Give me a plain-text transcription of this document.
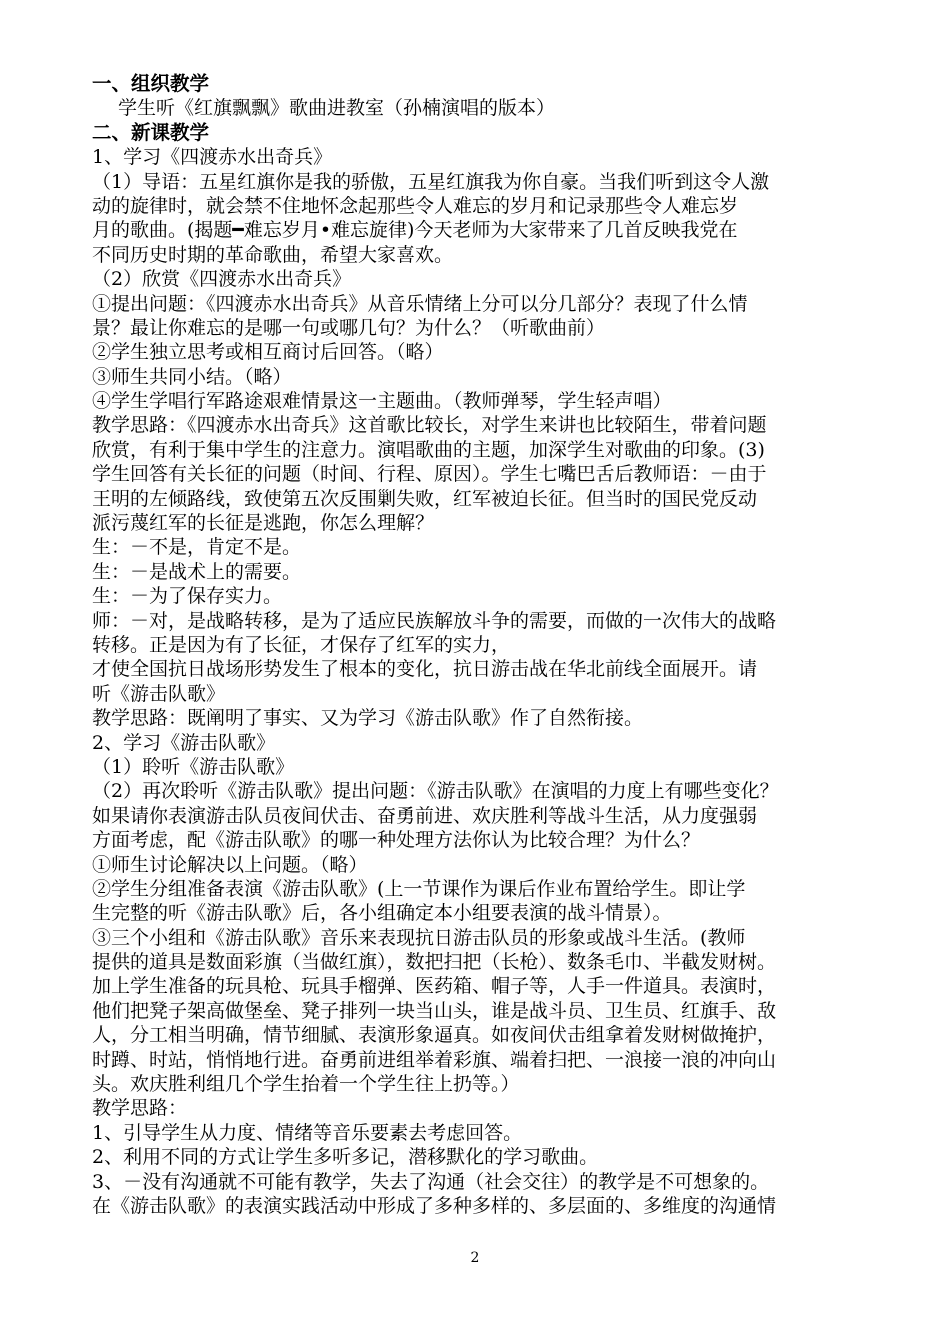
一、组织教学
学生听《红旗飘飘》歌曲进教室（孙楠演唱的版本）
二、新课教学
1、学习《四渡赤水出奇兵》
（1）导语：五星红旗你是我的骄傲，五星红旗我为你自豪。当我们听到这令人激
动的旋律时，就会禁不住地怀念起那些令人难忘的岁月和记录那些令人难忘岁
月的歌曲。(揭题━难忘岁月•难忘旋律)今天老师为大家带来了几首反映我党在
不同历史时期的革命歌曲，希望大家喜欢。
（2）欣赏《四渡赤水出奇兵》
①提出问题：《四渡赤水出奇兵》从音乐情绪上分可以分几部分？表现了什么情
景？最让你难忘的是哪一句或哪几句？为什么？（听歌曲前）
②学生独立思考或相互商讨后回答。（略）
③师生共同小结。（略）
④学生学唱行军路途艰难情景这一主题曲。（教师弹琴，学生轻声唱）
教学思路：《四渡赤水出奇兵》这首歌比较长，对学生来讲也比较陌生，带着问题
欣赏，有利于集中学生的注意力。演唱歌曲的主题，加深学生对歌曲的印象。(3)
学生回答有关长征的问题（时间、行程、原因）。学生七嘴巴舌后教师语：－由于
王明的左倾路线，致使第五次反围剿失败，红军被迫长征。但当时的国民党反动
派污蔑红军的长征是逃跑，你怎么理解？
生：－不是，肯定不是。
生：－是战术上的需要。
生：－为了保存实力。
师：－对，是战略转移，是为了适应民族解放斗争的需要，而做的一次伟大的战略
转移。正是因为有了长征，才保存了红军的实力，
才使全国抗日战场形势发生了根本的变化，抗日游击战在华北前线全面展开。请
听《游击队歌》
教学思路：既阐明了事实、又为学习《游击队歌》作了自然衔接。
2、学习《游击队歌》
（1）聆听《游击队歌》
（2）再次聆听《游击队歌》提出问题：《游击队歌》在演唱的力度上有哪些变化？
如果请你表演游击队员夜间伏击、奋勇前进、欢庆胜利等战斗生活，从力度强弱
方面考虑，配《游击队歌》的哪一种处理方法你认为比较合理？为什么？
①师生讨论解决以上问题。（略）
②学生分组准备表演《游击队歌》(上一节课作为课后作业布置给学生。即让学
生完整的听《游击队歌》后，各小组确定本小组要表演的战斗情景）。
③三个小组和《游击队歌》音乐来表现抗日游击队员的形象或战斗生活。(教师
提供的道具是数面彩旗（当做红旗），数把扫把（长枪）、数条毛巾、半截发财树。
加上学生准备的玩具枪、玩具手榴弹、医药箱、帽子等，人手一件道具。表演时，
他们把凳子架高做堡垒、凳子排列一块当山头，谁是战斗员、卫生员、红旗手、敌
人，分工相当明确，情节细腻、表演形象逼真。如夜间伏击组拿着发财树做掩护，
时蹲、时站，悄悄地行进。奋勇前进组举着彩旗、端着扫把、一浪接一浪的冲向山
头。欢庆胜利组几个学生抬着一个学生往上扔等。）
教学思路：
1、引导学生从力度、情绪等音乐要素去考虑回答。
2、利用不同的方式让学生多听多记，潜移默化的学习歌曲。
3、－没有沟通就不可能有教学，失去了沟通（社会交往）的教学是不可想象的。
在《游击队歌》的表演实践活动中形成了多种多样的、多层面的、多维度的沟通情
2
